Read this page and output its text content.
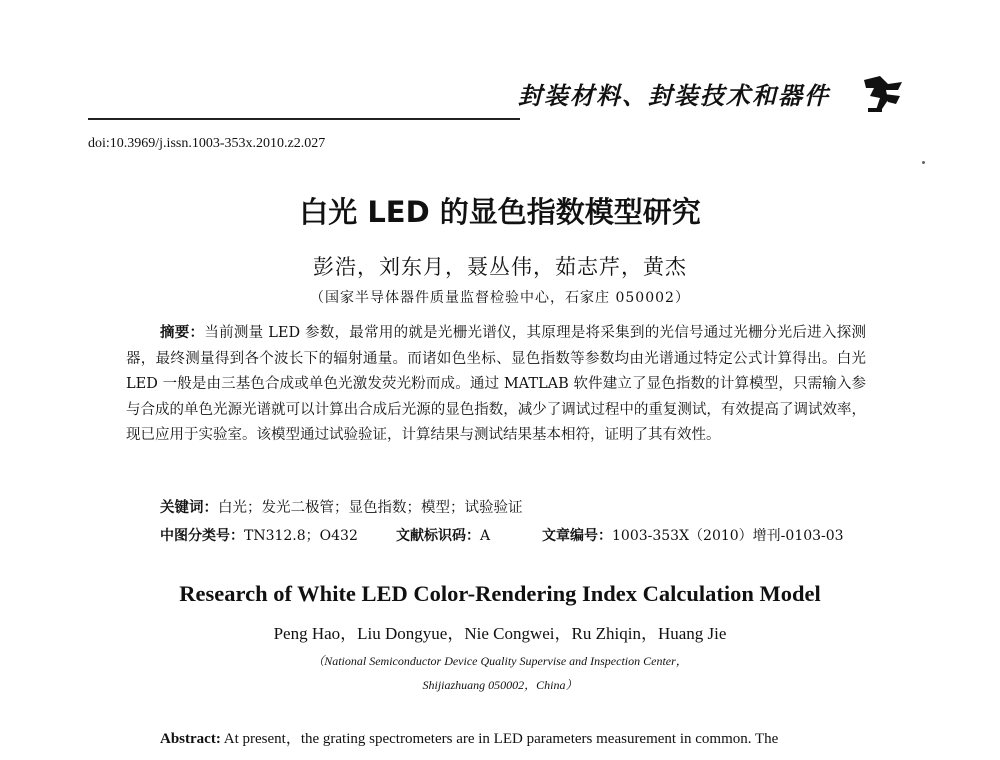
封装材料、封装技术和器件
doi:10.3969/j.issn.1003-353x.2010.z2.027
白光 LED 的显色指数模型研究
彭浩，刘东月，聂丛伟，茹志芹，黄杰
（国家半导体器件质量监督检验中心，石家庄 050002）
摘要：当前测量 LED 参数，最常用的就是光栅光谱仪，其原理是将采集到的光信号通过光栅分光后进入探测器，最终测量得到各个波长下的辐射通量。而诸如色坐标、显色指数等参数均由光谱通过特定公式计算得出。白光 LED 一般是由三基色合成或单色光激发荧光粉而成。通过 MATLAB 软件建立了显色指数的计算模型，只需输入参与合成的单色光源光谱就可以计算出合成后光源的显色指数，减少了调试过程中的重复测试，有效提高了调试效率，现已应用于实验室。该模型通过试验验证，计算结果与测试结果基本相符，证明了其有效性。
关键词：白光；发光二极管；显色指数；模型；试验验证
中图分类号：TN312.8；O432	文献标识码：A	文章编号：1003-353X（2010）增刊-0103-03
Research of White LED Color-Rendering Index Calculation Model
Peng Hao，Liu Dongyue，Nie Congwei，Ru Zhiqin，Huang Jie
（National Semiconductor Device Quality Supervise and Inspection Center，
Shijiazhuang 050002，China）
Abstract: At present，the grating spectrometers are in LED parameters measurement in common. The
